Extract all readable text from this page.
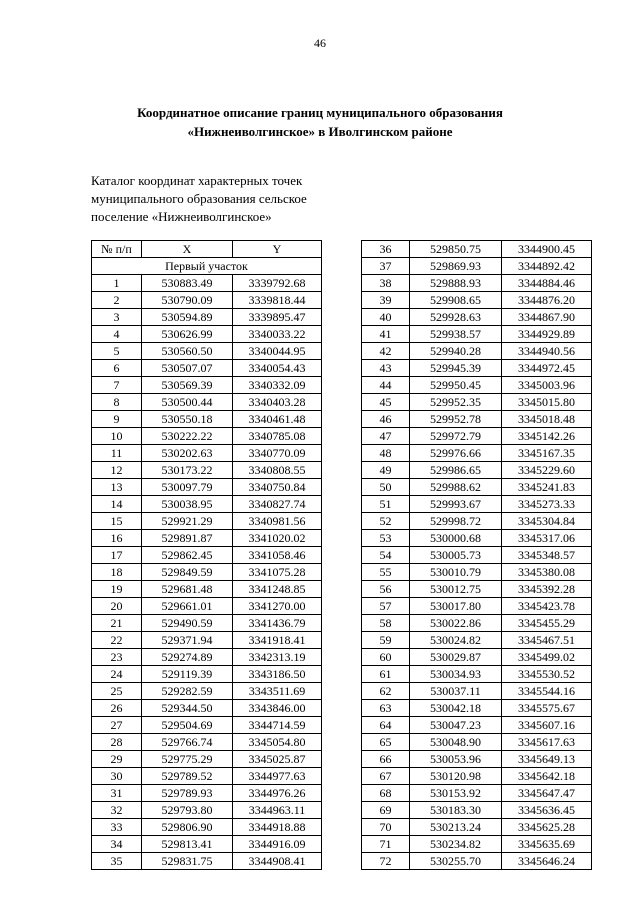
46
Координатное описание границ муниципального образования
«Нижнеиволгинское» в Иволгинском районе
Каталог координат характерных точек
муниципального образования сельское
поселение «Нижнеиволгинское»
№ п/п	X	Y
Первый участок		
1	530883.49	3339792.68
2	530790.09	3339818.44
3	530594.89	3339895.47
4	530626.99	3340033.22
5	530560.50	3340044.95
6	530507.07	3340054.43
7	530569.39	3340332.09
8	530500.44	3340403.28
9	530550.18	3340461.48
10	530222.22	3340785.08
11	530202.63	3340770.09
12	530173.22	3340808.55
13	530097.79	3340750.84
14	530038.95	3340827.74
15	529921.29	3340981.56
16	529891.87	3341020.02
17	529862.45	3341058.46
18	529849.59	3341075.28
19	529681.48	3341248.85
20	529661.01	3341270.00
21	529490.59	3341436.79
22	529371.94	3341918.41
23	529274.89	3342313.19
24	529119.39	3343186.50
25	529282.59	3343511.69
26	529344.50	3343846.00
27	529504.69	3344714.59
28	529766.74	3345054.80
29	529775.29	3345025.87
30	529789.52	3344977.63
31	529789.93	3344976.26
32	529793.80	3344963.11
33	529806.90	3344918.88
34	529813.41	3344916.09
35	529831.75	3344908.41
36	529850.75	3344900.45
37	529869.93	3344892.42
38	529888.93	3344884.46
39	529908.65	3344876.20
40	529928.63	3344867.90
41	529938.57	3344929.89
42	529940.28	3344940.56
43	529945.39	3344972.45
44	529950.45	3345003.96
45	529952.35	3345015.80
46	529952.78	3345018.48
47	529972.79	3345142.26
48	529976.66	3345167.35
49	529986.65	3345229.60
50	529988.62	3345241.83
51	529993.67	3345273.33
52	529998.72	3345304.84
53	530000.68	3345317.06
54	530005.73	3345348.57
55	530010.79	3345380.08
56	530012.75	3345392.28
57	530017.80	3345423.78
58	530022.86	3345455.29
59	530024.82	3345467.51
60	530029.87	3345499.02
61	530034.93	3345530.52
62	530037.11	3345544.16
63	530042.18	3345575.67
64	530047.23	3345607.16
65	530048.90	3345617.63
66	530053.96	3345649.13
67	530120.98	3345642.18
68	530153.92	3345647.47
69	530183.30	3345636.45
70	530213.24	3345625.28
71	530234.82	3345635.69
72	530255.70	3345646.24
